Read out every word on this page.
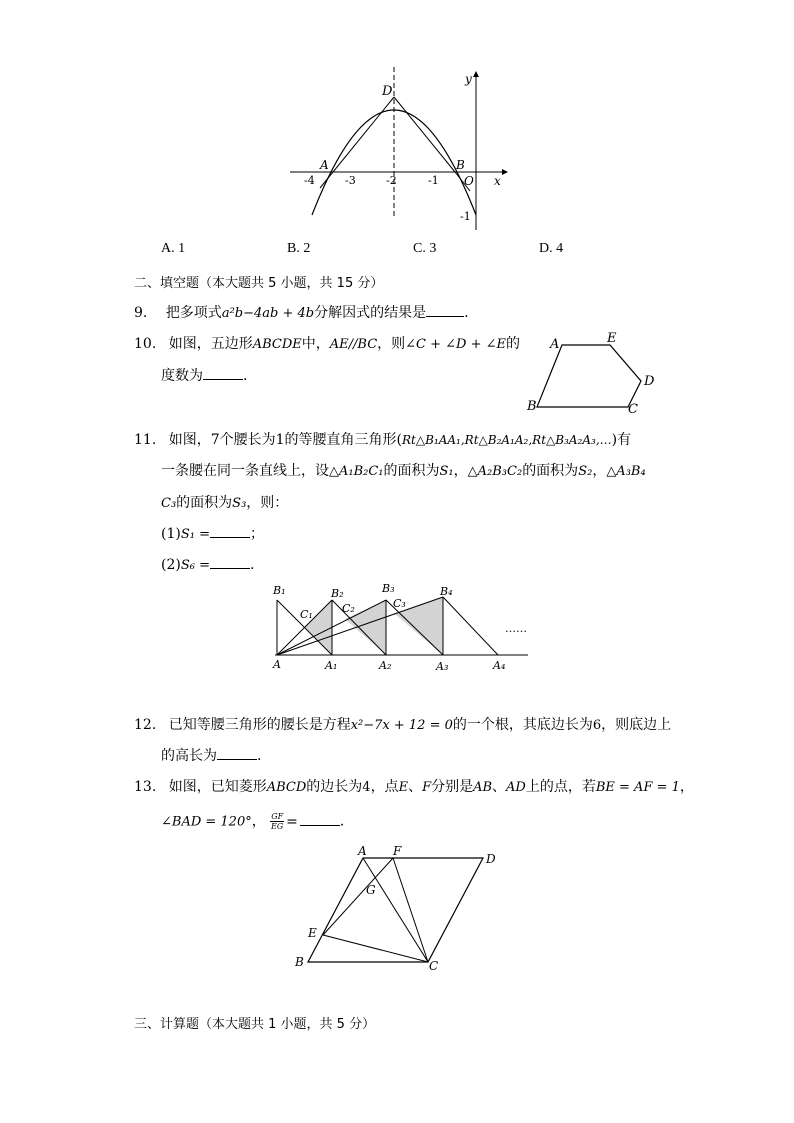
D
A	B
O x
y
-4	-3	-2	-1
-1
A. 1	B. 2	C. 3	D. 4
二、填空题（本大题共 5 小题，共 15 分）
9. 把多项式a²b−4ab + 4b分解因式的结果是	.
10. 如图，五边形ABCDE中，AE//BC，则∠C + ∠D + ∠E的
度数为	.
A	E
D
B	C
11. 如图，7个腰长为1的等腰直角三角形(Rt△B₁AA₁,Rt△B₂A₁A₂,Rt△B₃A₂A₃,…)有
一条腰在同一条直线上，设△A₁B₂C₁的面积为S₁，△A₂B₃C₂的面积为S₂，△A₃B₄
C₃的面积为S₃，则：
(1)S₁ =	；
(2)S₆ =	.
B₁	B₂	B₃	B₄
C₁	C₂	C₃
A	A₁	A₂	A₃	A₄
……
12. 已知等腰三角形的腰长是方程x²−7x + 12 = 0的一个根，其底边长为6，则底边上
的高长为	.
13. 如图，已知菱形ABCD的边长为4，点E、F分别是AB、AD上的点，若BE = AF = 1，
∠BAD = 120°， $\frac{GF}{EG}$ =	.
A F
D
G
E
B	C
三、计算题（本大题共 1 小题，共 5 分）
